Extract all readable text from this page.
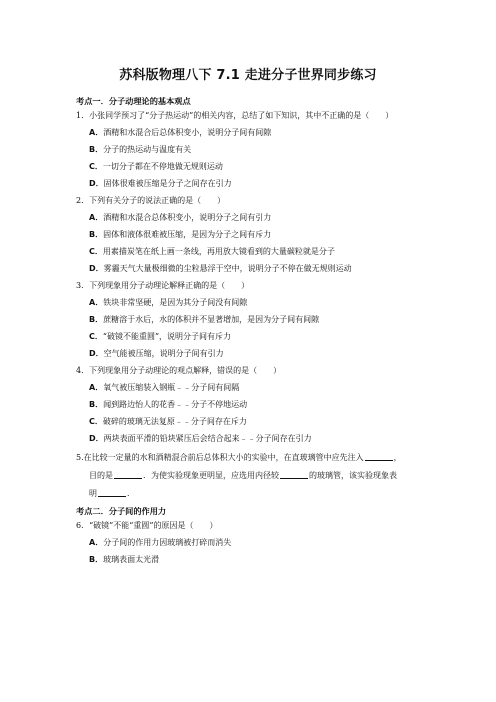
苏科版物理八下 7.1 走进分子世界同步练习
考点一．分子动理论的基本观点
1．小张同学预习了“分子热运动”的相关内容，总结了如下知识，其中不正确的是（　　）
A．酒精和水混合后总体积变小，说明分子间有间隙
B．分子的热运动与温度有关
C．一切分子都在不停地做无规则运动
D．固体很难被压缩是分子之间存在引力
2．下列有关分子的说法正确的是（　　）
A．酒精和水混合总体积变小，说明分子之间有引力
B．固体和液体很难被压缩，是因为分子之间有斥力
C．用素描炭笔在纸上画一条线，再用放大镜看到的大量碳粒就是分子
D．雾霾天气大量极细微的尘粒悬浮于空中，说明分子不停在做无规则运动
3．下列现象用分子动理论解释正确的是（　　）
A．铁块非常坚硬，是因为其分子间没有间隙
B．蔗糖溶于水后，水的体积并不显著增加，是因为分子间有间隙
C．“破镜不能重圆”，说明分子间有斥力
D．空气能被压缩，说明分子间有引力
4．下列现象用分子动理论的观点解释，错误的是（　　）
A．氧气被压缩装入钢瓶﹣﹣分子间有间隔
B．闻到路边怡人的花香﹣﹣分子不停地运动
C．破碎的玻璃无法复原﹣﹣分子间存在斥力
D．两块表面平滑的铅块紧压后会结合起来﹣﹣分子间存在引力
5.在比较一定量的水和酒精混合前后总体积大小的实验中，在直玻璃管中应先注入	，
目的是	．为使实验现象更明显，应选用内径较	的玻璃管，该实验现象表
明	．
考点二．分子间的作用力
6．“破镜”不能“重圆”的原因是（　　）
A．分子间的作用力因玻璃被打碎而消失
B．玻璃表面太光滑
